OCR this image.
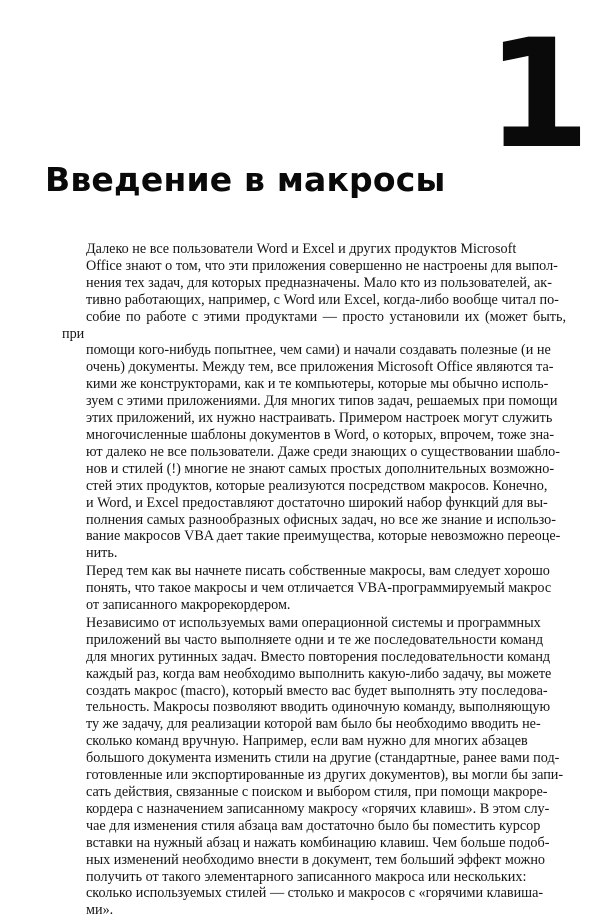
1
Введение в макросы

Далеко не все пользователи Word и Excel и других продуктов Microsoft
Office знают о том, что эти приложения совершенно не настроены для выпол-
нения тех задач, для которых предназначены. Мало кто из пользователей, ак-
тивно работающих, например, с Word или Excel, когда-либо вообще читал по-
собие по работе с этими продуктами — просто установили их (может быть, при
помощи кого-нибудь попытнее, чем сами) и начали создавать полезные (и не
очень) документы. Между тем, все приложения Microsoft Office являются та-
кими же конструкторами, как и те компьютеры, которые мы обычно исполь-
зуем с этими приложениями. Для многих типов задач, решаемых при помощи
этих приложений, их нужно настраивать. Примером настроек могут служить
многочисленные шаблоны документов в Word, о которых, впрочем, тоже зна-
ют далеко не все пользователи. Даже среди знающих о существовании шабло-
нов и стилей (!) многие не знают самых простых дополнительных возможно-
стей этих продуктов, которые реализуются посредством макросов. Конечно,
и Word, и Excel предоставляют достаточно широкий набор функций для вы-
полнения самых разнообразных офисных задач, но все же знание и использо-
вание макросов VBA дает такие преимущества, которые невозможно переоце-
нить.

Перед тем как вы начнете писать собственные макросы, вам следует хорошо
понять, что такое макросы и чем отличается VBA-программируемый макрос
от записанного макрорекордером.

Независимо от используемых вами операционной системы и программных
приложений вы часто выполняете одни и те же последовательности команд
для многих рутинных задач. Вместо повторения последовательности команд
каждый раз, когда вам необходимо выполнить какую-либо задачу, вы можете
создать макрос (macro), который вместо вас будет выполнять эту последова-
тельность. Макросы позволяют вводить одиночную команду, выполняющую
ту же задачу, для реализации которой вам было бы необходимо вводить не-
сколько команд вручную. Например, если вам нужно для многих абзацев
большого документа изменить стили на другие (стандартные, ранее вами под-
готовленные или экспортированные из других документов), вы могли бы запи-
сать действия, связанные с поиском и выбором стиля, при помощи макроре-
кордера с назначением записанному макросу «горячих клавиш». В этом слу-
чае для изменения стиля абзаца вам достаточно было бы поместить курсор
вставки на нужный абзац и нажать комбинацию клавиш. Чем больше подоб-
ных изменений необходимо внести в документ, тем больший эффект можно
получить от такого элементарного записанного макроса или нескольких:
сколько используемых стилей — столько и макросов с «горячими клавиша-
ми».
